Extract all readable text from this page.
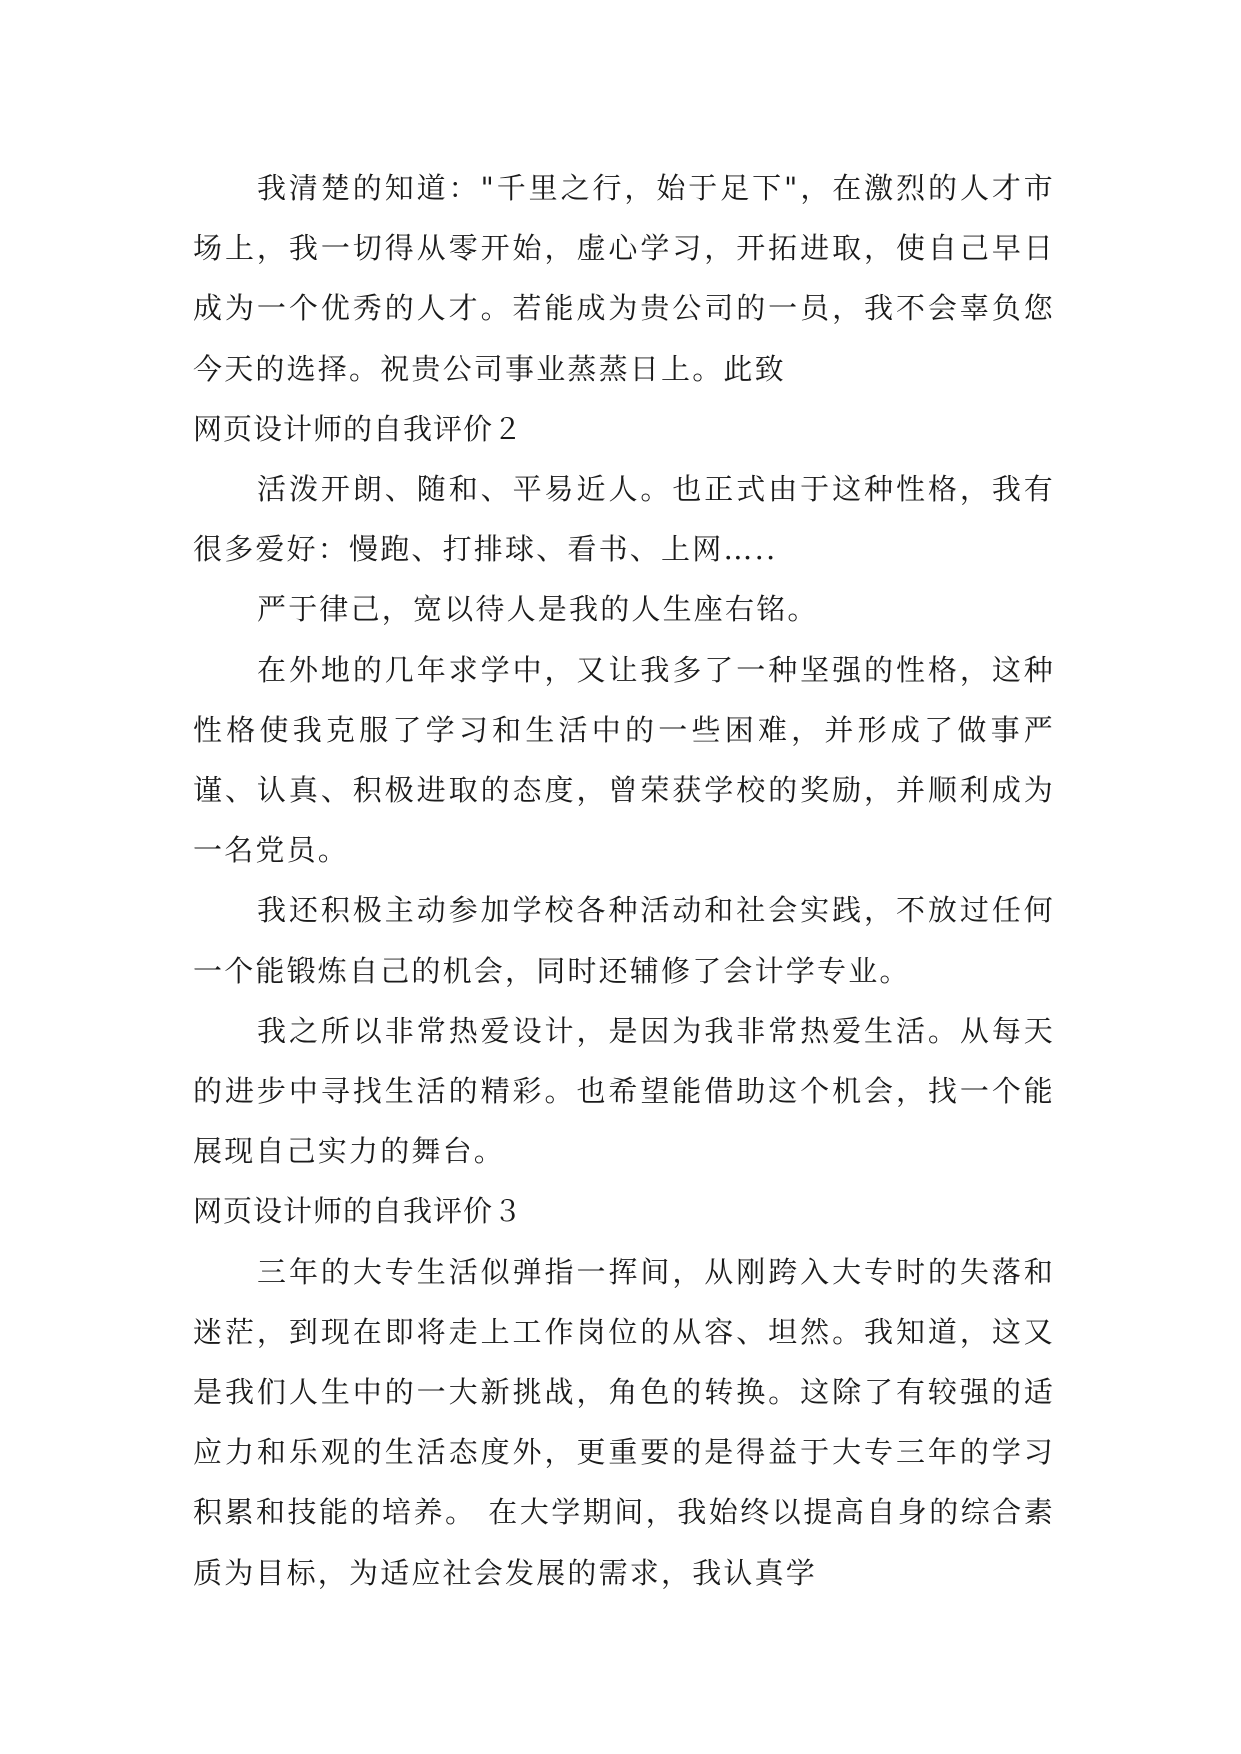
我清楚的知道："千里之行，始于足下"，在激烈的人才市场上，我一切得从零开始，虚心学习，开拓进取，使自己早日成为一个优秀的人才。若能成为贵公司的一员，我不会辜负您今天的选择。祝贵公司事业蒸蒸日上。此致

网页设计师的自我评价２

活泼开朗、随和、平易近人。也正式由于这种性格，我有很多爱好：慢跑、打排球、看书、上网…..

严于律己，宽以待人是我的人生座右铭。

在外地的几年求学中，又让我多了一种坚强的性格，这种性格使我克服了学习和生活中的一些困难，并形成了做事严谨、认真、积极进取的态度，曾荣获学校的奖励，并顺利成为一名党员。

我还积极主动参加学校各种活动和社会实践，不放过任何一个能锻炼自己的机会，同时还辅修了会计学专业。

我之所以非常热爱设计，是因为我非常热爱生活。从每天的进步中寻找生活的精彩。也希望能借助这个机会，找一个能展现自己实力的舞台。

网页设计师的自我评价３

三年的大专生活似弹指一挥间，从刚跨入大专时的失落和迷茫，到现在即将走上工作岗位的从容、坦然。我知道，这又是我们人生中的一大新挑战，角色的转换。这除了有较强的适应力和乐观的生活态度外，更重要的是得益于大专三年的学习积累和技能的培养。 在大学期间，我始终以提高自身的综合素质为目标，为适应社会发展的需求，我认真学
